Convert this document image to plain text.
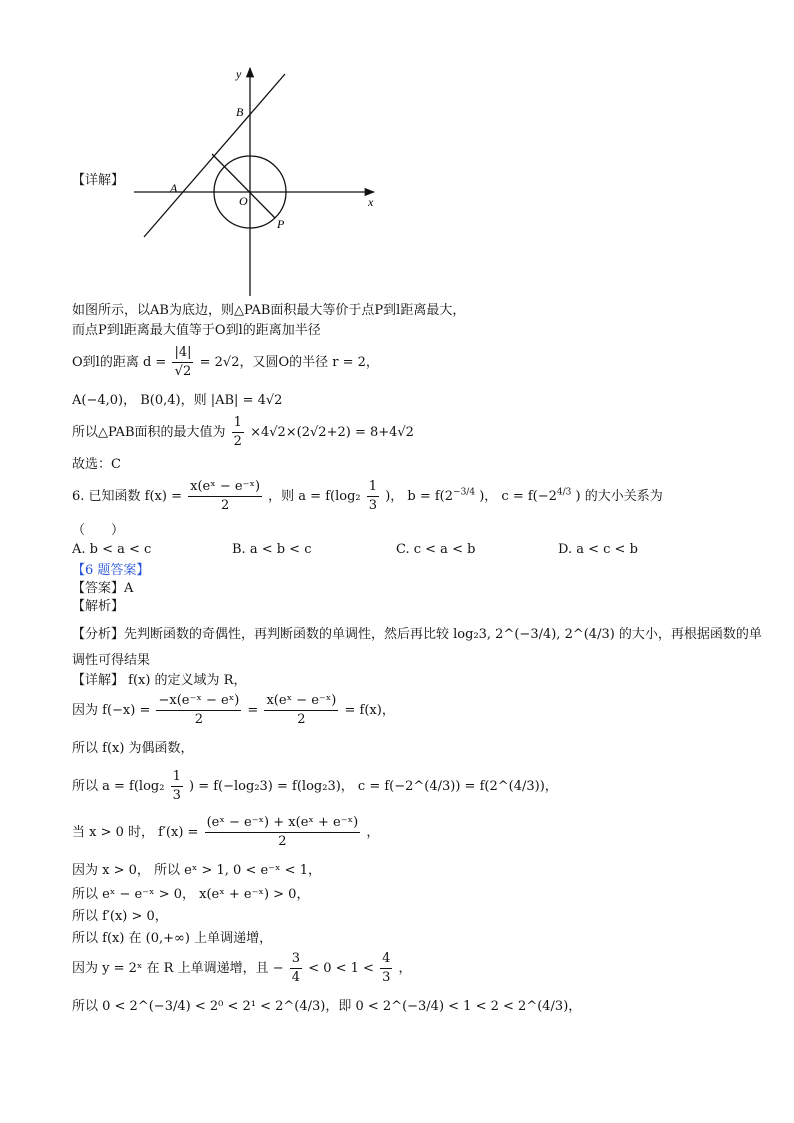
y
x
B
A
O
P
【详解】
如图所示，以AB为底边，则△PAB面积最大等价于点P到l距离最大，
而点P到l距离最大值等于O到l的距离加半径
O到l的距离 $d = \frac{|4|}{√2} = 2√2$，又圆O的半径 r = 2，
A(−4,0)， B(0,4)，则 |AB| = 4√2
所以△PAB面积的最大值为 $\frac{1}{2} \times 4√2\times(2√2+2) = 8+4√2$
故选：C
6. 已知函数 $f(x) = \frac{\text{x(eˣ − e⁻ˣ)}}{2}$ ，则 $a = f(\log_2 \frac{1}{3}$ )， $b = f(2^{-3/4}$ )， $c = f(-2^{4/3}$ ) 的大小关系为
（　　）
A. b < a < c	B. a < b < c	C. c < a < b	D. a < c < b
【6 题答案】
【答案】A
【解析】
【分析】先判断函数的奇偶性，再判断函数的单调性，然后再比较 log₂3, 2^(−3/4), 2^(4/3) 的大小，再根据函数的单
调性可得结果
【详解】 f(x) 的定义域为 R，
因为 $f(-x) = \frac{\text{−x(e⁻ˣ − eˣ)}}{2} = \frac{\text{x(eˣ − e⁻ˣ)}}{2} = f(x)$，
所以 f(x) 为偶函数，
所以 $a = f(\log_2 \frac{1}{3}$ ) = f(−log₂3) = f(log₂3)， c = f(−2^(4/3)) = f(2^(4/3))，
当 x > 0 时， $f'(x) = \frac{\text{(eˣ − e⁻ˣ) + x(eˣ + e⁻ˣ)}}{2}$ ，
因为 x > 0， 所以 eˣ > 1, 0 < e⁻ˣ < 1，
所以 eˣ − e⁻ˣ > 0， x(eˣ + e⁻ˣ) > 0，
所以 f′(x) > 0，
所以 f(x) 在 (0,+∞) 上单调递增，
因为 y = 2ˣ 在 R 上单调递增，且 − $\frac{3}{4} < 0 < 1 < \frac{4}{3}$ ，
所以 0 < 2^(−3/4) < 2⁰ < 2¹ < 2^(4/3)，即 0 < 2^(−3/4) < 1 < 2 < 2^(4/3)，
